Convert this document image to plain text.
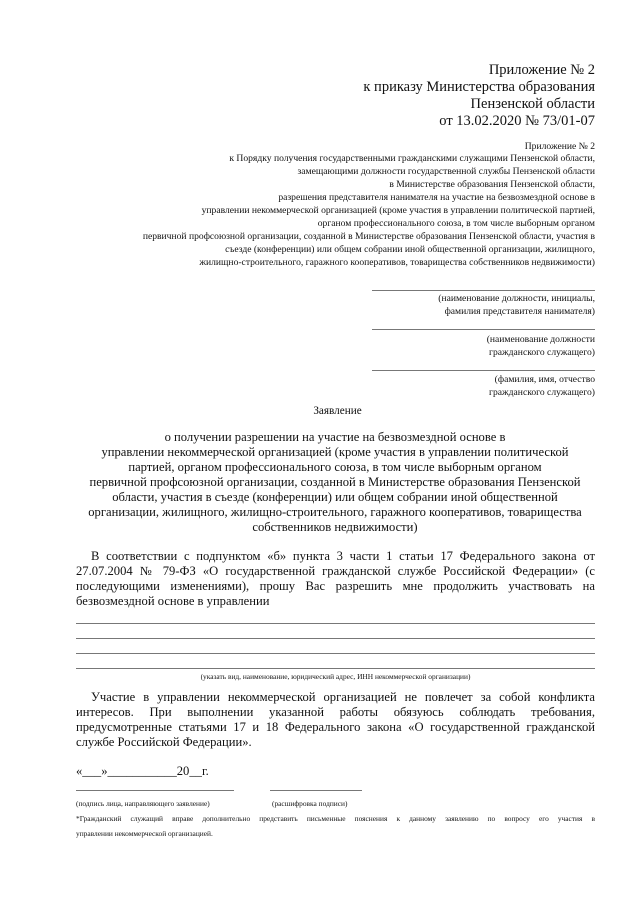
Приложение № 2
к приказу Министерства образования
Пензенской области
от 13.02.2020 № 73/01-07
Приложение № 2
к Порядку получения государственными гражданскими служащими Пензенской области,
замещающими должности государственной службы Пензенской области
в Министерстве образования Пензенской области,
разрешения представителя нанимателя на участие на безвозмездной основе в
управлении некоммерческой организацией (кроме участия в управлении политической партией,
органом профессионального союза, в том числе выборным органом
первичной профсоюзной организации, созданной в Министерстве образования Пензенской области, участия в
съезде (конференции) или общем собрании иной общественной организации, жилищного,
жилищно-строительного, гаражного кооперативов, товарищества собственников недвижимости)
(наименование должности, инициалы,
фамилия представителя нанимателя)
(наименование должности
гражданского служащего)
(фамилия, имя, отчество
гражданского служащего)
Заявление
о получении разрешении на участие на безвозмездной основе в
управлении некоммерческой организацией (кроме участия в управлении политической
партией, органом профессионального союза, в том числе выборным органом
первичной профсоюзной организации, созданной в Министерстве образования Пензенской
области, участия в съезде (конференции) или общем собрании иной общественной
организации, жилищного, жилищно-строительного, гаражного кооперативов, товарищества
собственников недвижимости)
В соответствии с подпунктом «б» пункта 3 части 1 статьи 17 Федерального закона от
27.07.2004 № 79-ФЗ «О государственной гражданской службе Российской Федерации» (с
последующими изменениями), прошу Вас разрешить мне продолжить участвовать на
безвозмездной основе в управлении
(указать вид, наименование, юридический адрес, ИНН некоммерческой организации)
Участие в управлении некоммерческой организацией не повлечет за собой конфликта
интересов. При выполнении указанной работы обязуюсь соблюдать требования,
предусмотренные статьями 17 и 18 Федерального закона «О государственной гражданской
службе Российской Федерации».
«___»___________20__г.
(подпись лица, направляющего заявление)	(расшифровка подписи)
*Гражданский служащий вправе дополнительно представить письменные пояснения к данному заявлению по вопросу его участия в
управлении некоммерческой организацией.
